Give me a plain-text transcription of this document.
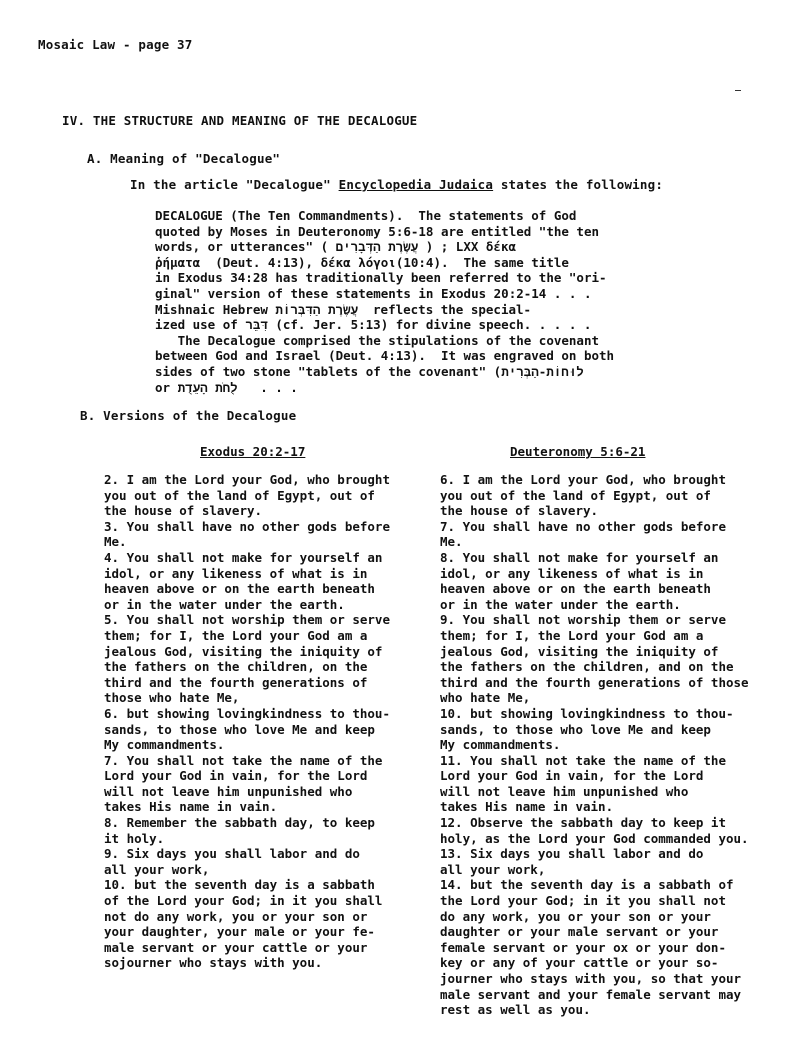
Mosaic Law - page 37
IV. THE STRUCTURE AND MEANING OF THE DECALOGUE
A. Meaning of "Decalogue"
In the article "Decalogue" Encyclopedia Judaica states the following:
DECALOGUE (The Ten Commandments).  The statements of God
quoted by Moses in Deuteronomy 5:6-18 are entitled "the ten
words, or utterances" ( עֲשֶׂרֶת הַדְּבָרִים ) ; LXX δέκα
ῥήματα  (Deut. 4:13), δέκα λόγοι(10:4).  The same title
in Exodus 34:28 has traditionally been referred to the "ori-
ginal" version of these statements in Exodus 20:2-14 . . .
Mishnaic Hebrew עֲשֶׂרֶת הַדִּבְּרוֹת  reflects the special-
ized use of דִּבֵּר (cf. Jer. 5:13) for divine speech. . . . .
The Decalogue comprised the stipulations of the covenant
between God and Israel (Deut. 4:13).  It was engraved on both
sides of two stone "tablets of the covenant" (לוּחוֹת-הַבְּרִית
or לֻחֹת הָעֵדֻת   . . .
B. Versions of the Decalogue
Exodus 20:2-17	Deuteronomy 5:6-21
2. I am the Lord your God, who brought
you out of the land of Egypt, out of
the house of slavery.
3. You shall have no other gods before
Me.
4. You shall not make for yourself an
idol, or any likeness of what is in
heaven above or on the earth beneath
or in the water under the earth.
5. You shall not worship them or serve
them; for I, the Lord your God am a
jealous God, visiting the iniquity of
the fathers on the children, on the
third and the fourth generations of
those who hate Me,
6. but showing lovingkindness to thou-
sands, to those who love Me and keep
My commandments.
7. You shall not take the name of the
Lord your God in vain, for the Lord
will not leave him unpunished who
takes His name in vain.
8. Remember the sabbath day, to keep
it holy.
9. Six days you shall labor and do
all your work,
10. but the seventh day is a sabbath
of the Lord your God; in it you shall
not do any work, you or your son or
your daughter, your male or your fe-
male servant or your cattle or your
sojourner who stays with you.
6. I am the Lord your God, who brought
you out of the land of Egypt, out of
the house of slavery.
7. You shall have no other gods before
Me.
8. You shall not make for yourself an
idol, or any likeness of what is in
heaven above or on the earth beneath
or in the water under the earth.
9. You shall not worship them or serve
them; for I, the Lord your God am a
jealous God, visiting the iniquity of
the fathers on the children, and on the
third and the fourth generations of those
who hate Me,
10. but showing lovingkindness to thou-
sands, to those who love Me and keep
My commandments.
11. You shall not take the name of the
Lord your God in vain, for the Lord
will not leave him unpunished who
takes His name in vain.
12. Observe the sabbath day to keep it
holy, as the Lord your God commanded you.
13. Six days you shall labor and do
all your work,
14. but the seventh day is a sabbath of
the Lord your God; in it you shall not
do any work, you or your son or your
daughter or your male servant or your
female servant or your ox or your don-
key or any of your cattle or your so-
journer who stays with you, so that your
male servant and your female servant may
rest as well as you.
